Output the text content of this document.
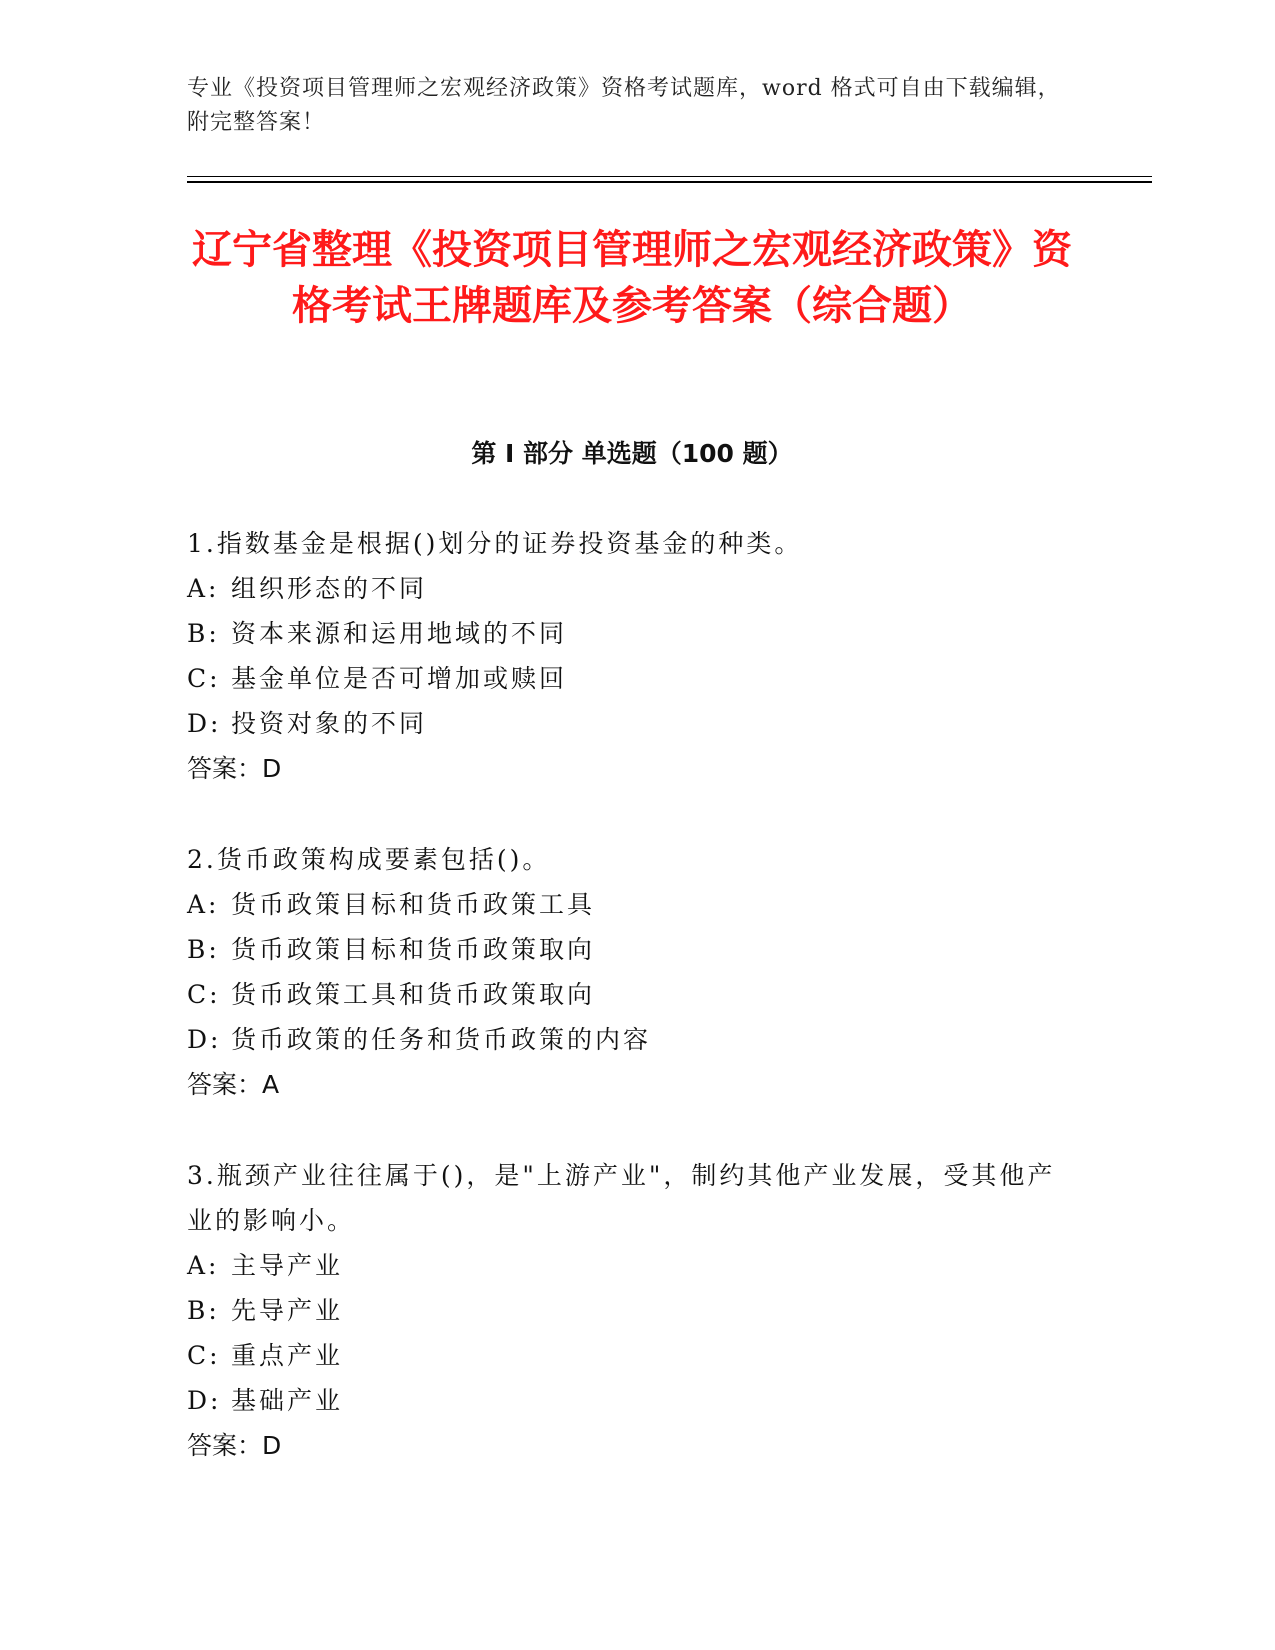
专业《投资项目管理师之宏观经济政策》资格考试题库，word 格式可自由下载编辑，附完整答案！
辽宁省整理《投资项目管理师之宏观经济政策》资格考试王牌题库及参考答案（综合题）
第 I 部分 单选题（100 题）

1.指数基金是根据()划分的证券投资基金的种类。

A: 组织形态的不同

B: 资本来源和运用地域的不同

C: 基金单位是否可增加或赎回

D: 投资对象的不同

答案：D

2.货币政策构成要素包括()。

A: 货币政策目标和货币政策工具

B: 货币政策目标和货币政策取向

C: 货币政策工具和货币政策取向

D: 货币政策的任务和货币政策的内容

答案：A

3.瓶颈产业往往属于()，是"上游产业"，制约其他产业发展，受其他产业的影响小。

A: 主导产业

B: 先导产业

C: 重点产业

D: 基础产业

答案：D
